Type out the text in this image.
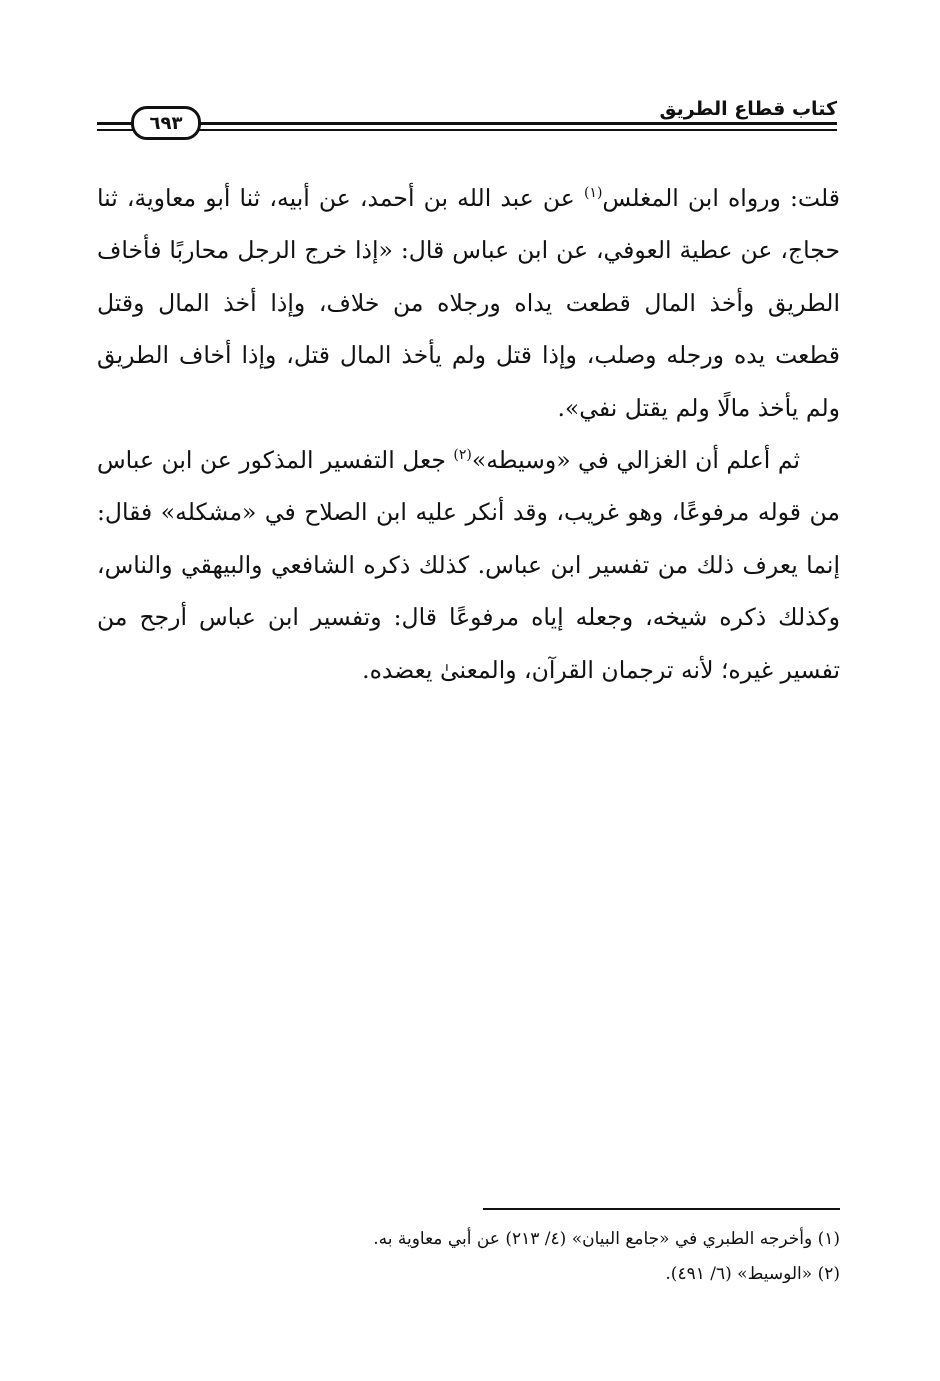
كتاب قطاع الطريق
٦٩٣

قلت: ورواه ابن المغلس$^{(١)}$ عن عبد الله بن أحمد، عن أبيه، ثنا أبو معاوية، ثنا حجاج، عن عطية العوفي، عن ابن عباس قال: «إذا خرج الرجل محاربًا فأخاف الطريق وأخذ المال قطعت يداه ورجلاه من خلاف، وإذا أخذ المال وقتل قطعت يده ورجله وصلب، وإذا قتل ولم يأخذ المال قتل، وإذا أخاف الطريق ولم يأخذ مالًا ولم يقتل نفي».

ثم أعلم أن الغزالي في «وسيطه»$^{(٢)}$ جعل التفسير المذكور عن ابن عباس من قوله مرفوعًا، وهو غريب، وقد أنكر عليه ابن الصلاح في «مشكله» فقال: إنما يعرف ذلك من تفسير ابن عباس. كذلك ذكره الشافعي والبيهقي والناس، وكذلك ذكره شيخه، وجعله إياه مرفوعًا قال: وتفسير ابن عباس أرجح من تفسير غيره؛ لأنه ترجمان القرآن، والمعنىٰ يعضده.

(١) وأخرجه الطبري في «جامع البيان» (٤/ ٢١٣) عن أبي معاوية به.

(٢) «الوسيط» (٦/ ٤٩١).
